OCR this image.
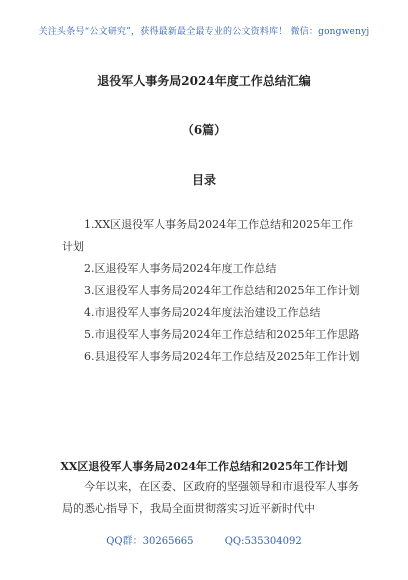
关注头条号“公文研究”，获得最新最全最专业的公文资料库！ 微信：gongwenyj
退役军人事务局2024年度工作总结汇编
（6篇）
目录
1.XX区退役军人事务局2024年工作总结和2025年工作计划
2.区退役军人事务局2024年度工作总结
3.区退役军人事务局2024年工作总结和2025年工作计划
4.市退役军人事务局2024年度法治建设工作总结
5.市退役军人事务局2024年工作总结和2025年工作思路
6.县退役军人事务局2024年工作总结及2025年工作计划
XX区退役军人事务局2024年工作总结和2025年工作计划
今年以来，在区委、区政府的坚强领导和市退役军人事务局的悉心指导下，我局全面贯彻落实习近平新时代中
QQ群：30265665	QQ:535304092
